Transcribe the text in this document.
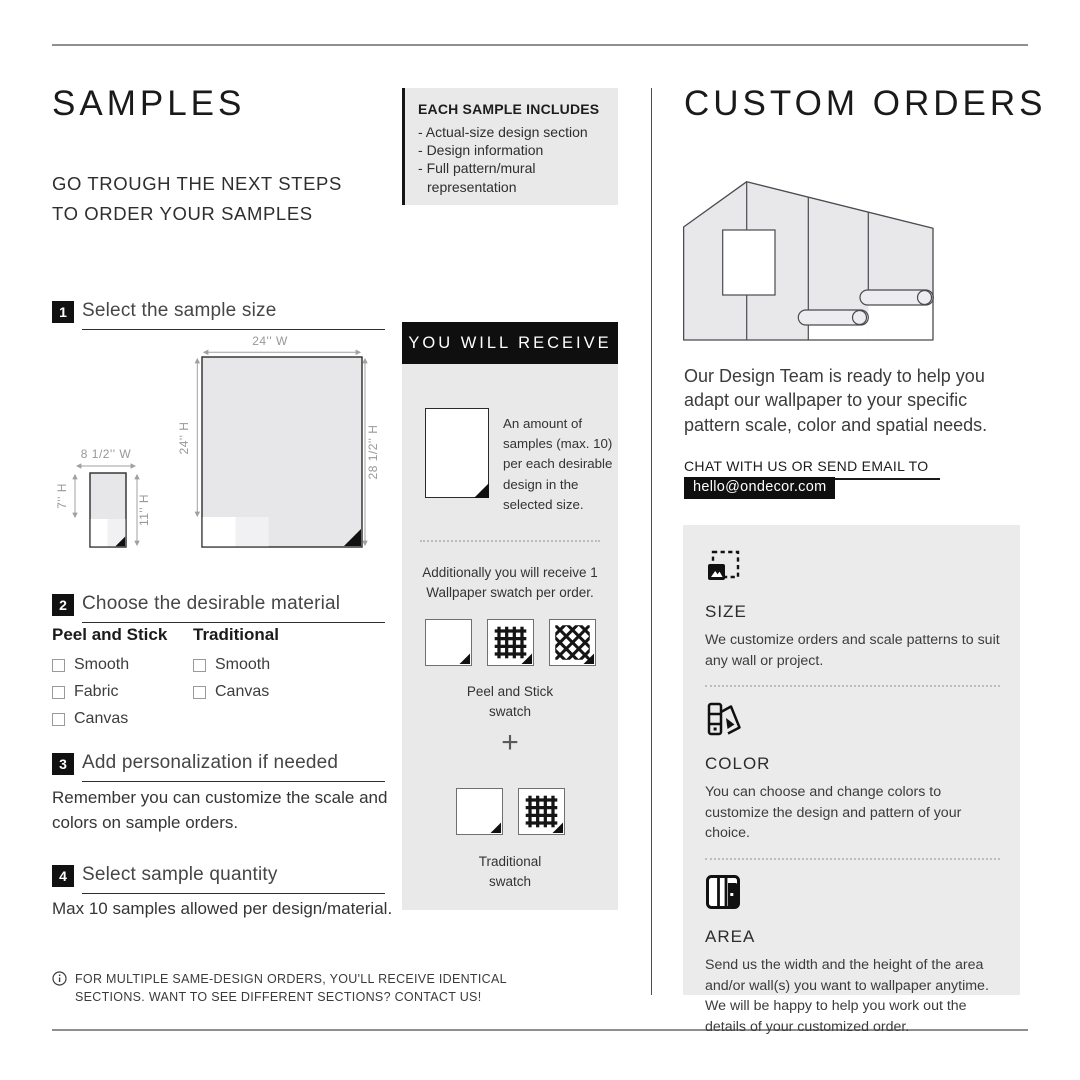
SAMPLES
GO TROUGH THE NEXT STEPS TO ORDER YOUR SAMPLES
1 Select the sample size
24'' W
24'' H	28 1/2'' H
8 1/2'' W
7'' H	11'' H
2 Choose the desirable material
Peel and Stick
Smooth
Fabric
Canvas
Traditional
Smooth
Canvas
3 Add personalization if needed
Remember you can customize the scale and colors on sample orders.
4 Select sample quantity
Max 10 samples allowed per design/material.
FOR MULTIPLE SAME-DESIGN ORDERS, YOU'LL RECEIVE IDENTICAL SECTIONS. WANT TO SEE DIFFERENT SECTIONS? CONTACT US!
EACH SAMPLE INCLUDES
- Actual-size design section
- Design information
- Full pattern/mural representation
YOU WILL RECEIVE
An amount of samples (max. 10) per each desirable design in the selected size.
Additionally you will receive 1 Wallpaper swatch per order.
Peel and Stick
swatch
+
Traditional
swatch
CUSTOM ORDERS
Our Design Team is ready to help you adapt our wallpaper to your specific pattern scale, color and spatial needs.
CHAT WITH US OR SEND EMAIL TO
hello@ondecor.com
SIZE
We customize orders and scale patterns to suit any wall or project.
COLOR
You can choose and change colors to customize the design and pattern of your choice.
AREA
Send us the width and the height of the area and/or wall(s) you want to wallpaper anytime. We will be happy to help you work out the details of your customized order.
